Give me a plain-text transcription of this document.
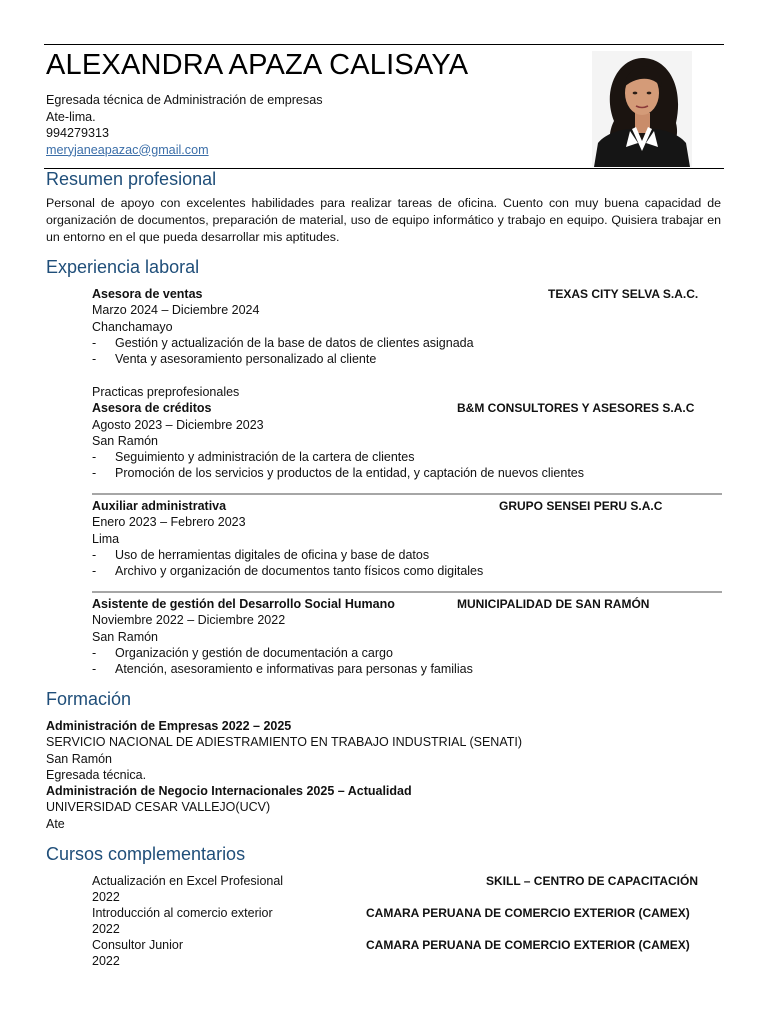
ALEXANDRA APAZA CALISAYA
Egresada técnica de Administración de empresas
Ate-lima.
994279313
meryjaneapazac@gmail.com
Resumen profesional
Personal de apoyo con excelentes habilidades para realizar tareas de oficina. Cuento con muy buena capacidad de organización de documentos, preparación de material, uso de equipo informático y trabajo en equipo. Quisiera trabajar en un entorno en el que pueda desarrollar mis aptitudes.
Experiencia laboral
Asesora de ventas	TEXAS CITY SELVA S.A.C.
Marzo 2024 – Diciembre 2024
Chanchamayo
- Gestión y actualización de la base de datos de clientes asignada
- Venta y asesoramiento personalizado al cliente
Practicas preprofesionales
Asesora de créditos	B&M CONSULTORES Y ASESORES S.A.C
Agosto 2023 – Diciembre 2023
San Ramón
- Seguimiento y administración de la cartera de clientes
- Promoción de los servicios y productos de la entidad, y captación de nuevos clientes
Auxiliar administrativa	GRUPO SENSEI PERU S.A.C
Enero 2023 – Febrero 2023
Lima
- Uso de herramientas digitales de oficina y base de datos
- Archivo y organización de documentos tanto físicos como digitales
Asistente de gestión del Desarrollo Social Humano	MUNICIPALIDAD DE SAN RAMÓN
Noviembre 2022 – Diciembre 2022
San Ramón
- Organización y gestión de documentación a cargo
- Atención, asesoramiento e informativas para personas y familias
Formación
Administración de Empresas 2022 – 2025
SERVICIO NACIONAL DE ADIESTRAMIENTO EN TRABAJO INDUSTRIAL (SENATI)
San Ramón
Egresada técnica.
Administración de Negocio Internacionales 2025 – Actualidad
UNIVERSIDAD CESAR VALLEJO(UCV)
Ate
Cursos complementarios
Actualización en Excel Profesional	SKILL – CENTRO DE CAPACITACIÓN
2022
Introducción al comercio exterior	CAMARA PERUANA DE COMERCIO EXTERIOR (CAMEX)
2022
Consultor Junior	CAMARA PERUANA DE COMERCIO EXTERIOR (CAMEX)
2022
